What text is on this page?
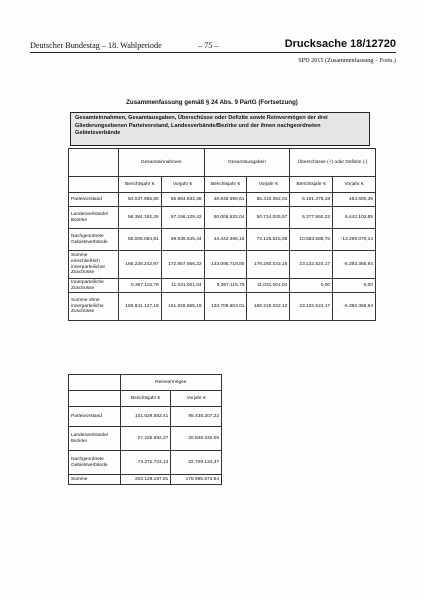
Deutscher Bundestag – 18. Wahlperiode	– 75 –	Drucksache 18/12720
SPD 2015 (Zusammenfassung – Forts.)
Zusammenfassung gemäß § 24 Abs. 9 PartG (Fortsetzung)
Gesamteinnahmen, Gesamtausgaben, Überschüsse oder Defizite sowie Reinvermögen der drei Gliederungsebenen Parteivorstand, Landesverbände/Bezirke und der ihnen nachgeordneten Gebietsverbände
	Gesamteinnahmen		Gesamtausgaben		Überschüsse (+) oder Defizite (-)	
	Berichtsjahr €	Vorjahr €	Berichtsjahr €	Vorjahr €	Berichtsjahr €	Vorjahr €
Parteivorstand	54.037.965,80	55.864.932,38	48.846.590,61	55.410.392,01	6.191.375,19	454.600,36
Landesverbände/ Bezirke	56.384.192,26	57.156.128,42	50.006.632,04	50.714.025,57	6.377.560,22	6.442.102,85
Nachgeordnete Gebietsverbände	55.006.084,91	59.936.545,44	44.442.496,15	73.125.615,58	10.563.588,76	-13.289.070,14
Summe einschließlich innerparteilicher Zuschüsse	166.228.242,97	172.857.666,22	143.095.718,80	179.250.033,16	23.132.524,17	-6.392.366,94
Innerparteiliche Zuschüsse	9.387.115,79	11.031.001,04	9.387.115,79	11.031.001,04	0,00	0,00
Summe ohne innerparteiliche Zuschüsse	156.841.127,18	161.826.665,18	133.708.603,01	168.219.032,12	23.132.524,17	-6.392.366,94
	Reinvermögen	
	Berichtsjahr €	Vorjahr €
Parteivorstand	101.629.582,41	95.438.207,22
Landesverbände/ Bezirke	27.225.892,27	20.848.332,05
Nachgeordnete Gebietsverbände	73.272.723,13	62.709.134,37
Summe	202.128.197,81	178.995.673,64
